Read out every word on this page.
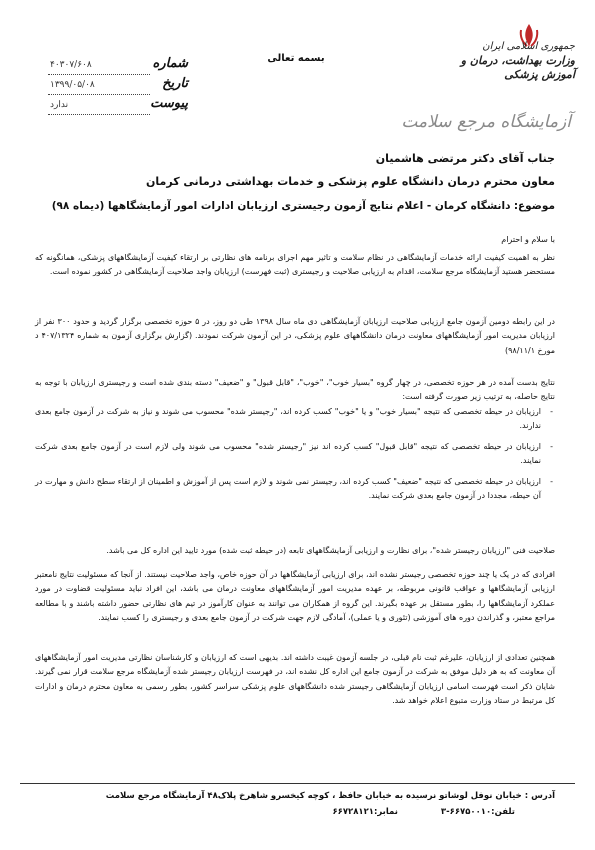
جمهوری اسلامی ایران
وزارت بهداشت، درمان و آموزش پزشکی
آزمایشگاه مرجع سلامت
بسمه تعالی
شماره
۴۰۳۰۷/۶۰۸
تاریخ
۱۳۹۹/۰۵/۰۸
پیوست
ندارد
جناب آقای دکتر مرتضی هاشمیان
معاون محترم درمان دانشگاه علوم پزشکی و خدمات بهداشتی درمانی کرمان
موضوع: دانشگاه کرمان - اعلام نتایج آزمون رجیستری ارزیابان ادارات امور آزمایشگاهها (دیماه ۹۸)
با سلام و احترام
نظر به اهمیت کیفیت ارائه خدمات آزمایشگاهی در نظام سلامت و تاثیر مهم اجرای برنامه های نظارتی بر ارتقاء کیفیت آزمایشگاههای پزشکی، همانگونه که مستحضر هستید آزمایشگاه مرجع سلامت، اقدام به ارزیابی صلاحیت و رجیستری (ثبت فهرست) ارزیابان واجد صلاحیت آزمایشگاهی در کشور نموده است.
در این رابطه دومین آزمون جامع ارزیابی صلاحیت ارزیابان آزمایشگاهی دی ماه سال ۱۳۹۸ طی دو روز، در ۵ حوزه تخصصی برگزار گردید و حدود ۳۰۰ نفر از ارزیابان مدیریت امور آزمایشگاههای معاونت درمان دانشگاههای علوم پزشکی، در این آزمون شرکت نمودند. (گزارش برگزاری آزمون به شماره ۴۰۷/۱۳۲۴ د مورخ ۹۸/۱۱/۱)
نتایج بدست آمده در هر حوزه تخصصی، در چهار گروه "بسیار خوب"، "خوب"، "قابل قبول" و "ضعیف" دسته بندی شده است و رجیستری ارزیابان با توجه به نتایج حاصله، به ترتیب زیر صورت گرفته است:
- ارزیابان در حیطه تخصصی که نتیجه "بسیار خوب" و یا "خوب" کسب کرده اند، "رجیستر شده" محسوب می شوند و نیاز به شرکت در آزمون جامع بعدی ندارند.
- ارزیابان در حیطه تخصصی که نتیجه "قابل قبول" کسب کرده اند نیز "رجیستر شده" محسوب می شوند ولی لازم است در آزمون جامع بعدی شرکت نمایند.
- ارزیابان در حیطه تخصصی که نتیجه "ضعیف" کسب کرده اند، رجیستر نمی شوند و لازم است پس از آموزش و اطمینان از ارتقاء سطح دانش و مهارت در آن حیطه، مجددا در آزمون جامع بعدی شرکت نمایند.
صلاحیت فنی "ارزیابان رجیستر شده"، برای نظارت و ارزیابی آزمایشگاههای تابعه (در حیطه ثبت شده) مورد تایید این اداره کل می باشد.
افرادی که در یک یا چند حوزه تخصصی رجیستر نشده اند، برای ارزیابی آزمایشگاهها در آن حوزه خاص، واجد صلاحیت نیستند. از آنجا که مسئولیت نتایج نامعتبر ارزیابی آزمایشگاهها و عواقب قانونی مربوطه، بر عهده مدیریت امور آزمایشگاههای معاونت درمان می باشد، این افراد نباید مسئولیت قضاوت در مورد عملکرد آزمایشگاهها را، بطور مستقل بر عهده بگیرند. این گروه از همکاران می توانند به عنوان کارآموز در تیم های نظارتی حضور داشته باشند و با مطالعه مراجع معتبر، و گذراندن دوره های آموزشی (تئوری و یا عملی)، آمادگی لازم جهت شرکت در آزمون جامع بعدی و رجیستری را کسب نمایند.
همچنین تعدادی از ارزیابان، علیرغم ثبت نام قبلی، در جلسه آزمون غیبت داشته اند. بدیهی است که ارزیابان و کارشناسان نظارتی مدیریت امور آزمایشگاههای آن معاونت که به هر دلیل موفق به شرکت در آزمون جامع این اداره کل نشده اند، در فهرست ارزیابان رجیستر شده آزمایشگاه مرجع سلامت قرار نمی گیرند. شایان ذکر است فهرست اسامی ارزیابان آزمایشگاهی رجیستر شده دانشگاههای علوم پزشکی سراسر کشور، بطور رسمی به معاون محترم درمان و ادارات کل مرتبط در ستاد وزارت متبوع اعلام خواهد شد.
آدرس : خیابان نوفل لوشاتو نرسیده به خیابان حافظ ، کوچه کیخسرو شاهرخ پلاک۴۸ آزمایشگاه مرجع سلامت
تلفن:۶۶۷۵۰۰۱۰-۳ نمابر:۶۶۷۲۸۱۲۱
